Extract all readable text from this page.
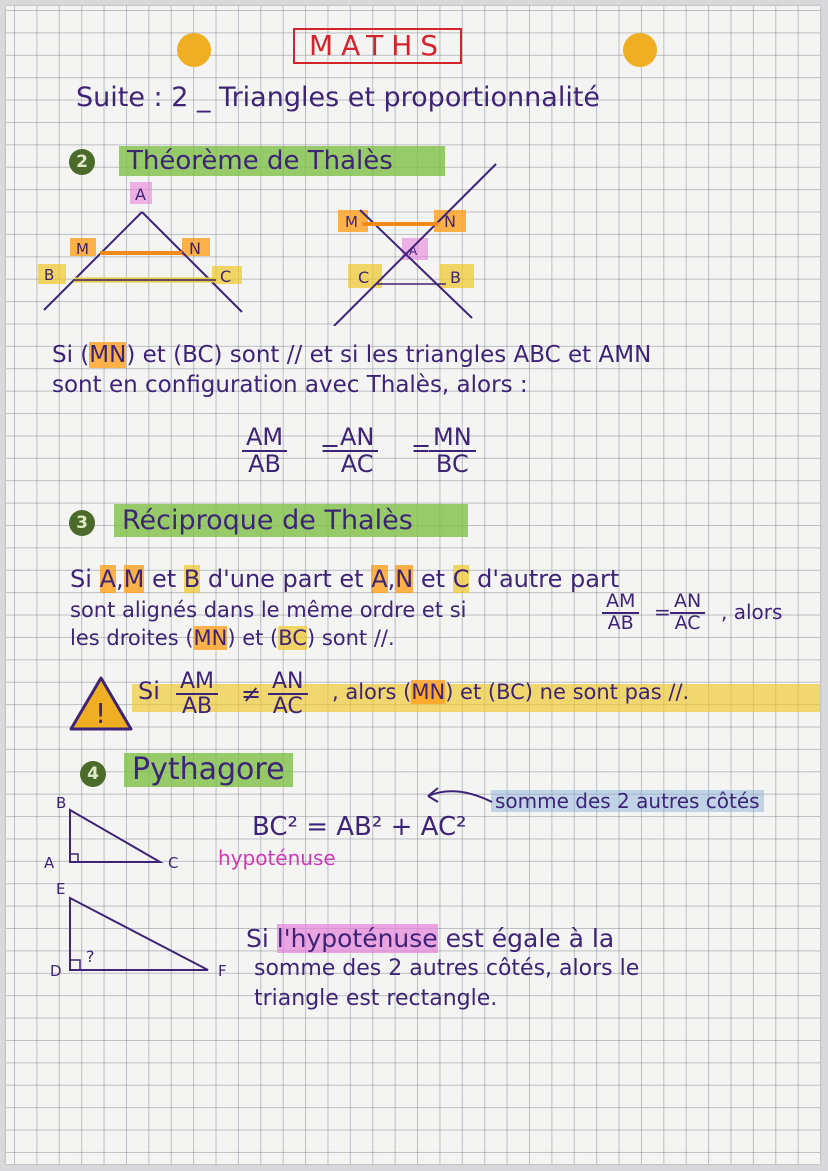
MATHS
Suite : 2 _ Triangles et proportionnalité
2	Théorème de Thalès
A
M	N
B	C
M	N
A
C	B
Si (MN) et (BC) sont // et si les triangles ABC et AMN
sont en configuration avec Thalès, alors :
$\frac{AM}{AB}$ =
$\frac{AN}{AC}$ =
$\frac{MN}{BC}$
3 Réciproque de Thalès
Si A,M et B d'une part et A,N et C d'autre part
sont alignés dans le même ordre et si	$\frac{AM}{AB} = \frac{AN}{AC}$ , alors
les droites (MN) et (BC) sont //.
!
Si $\frac{AM}{AB} \ne \frac{AN}{AC}$ , alors (MN) et (BC) ne sont pas //.
4 Pythagore
B
A	C
E
D	F
?
BC² = AB² + AC²
hypoténuse
somme des 2 autres côtés
Si l'hypoténuse est égale à la
somme des 2 autres côtés, alors le
triangle est rectangle.
